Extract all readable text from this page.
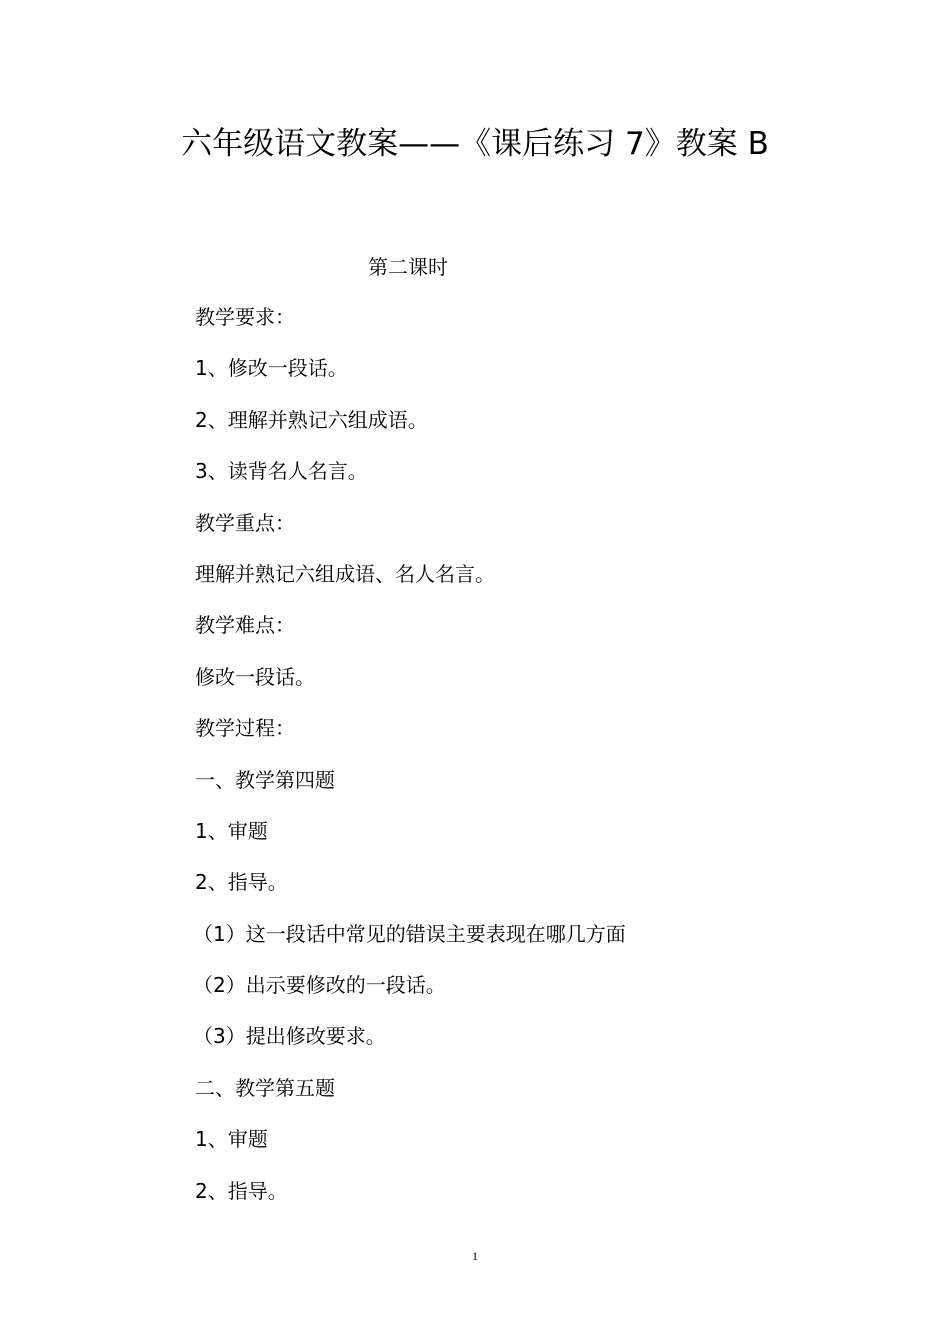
六年级语文教案——《课后练习 7》教案 B
第二课时
教学要求：
1、修改一段话。
2、理解并熟记六组成语。
3、读背名人名言。
教学重点：
理解并熟记六组成语、名人名言。
教学难点：
修改一段话。
教学过程：
一、教学第四题
1、审题
2、指导。
（1）这一段话中常见的错误主要表现在哪几方面
（2）出示要修改的一段话。
（3）提出修改要求。
二、教学第五题
1、审题
2、指导。
1
